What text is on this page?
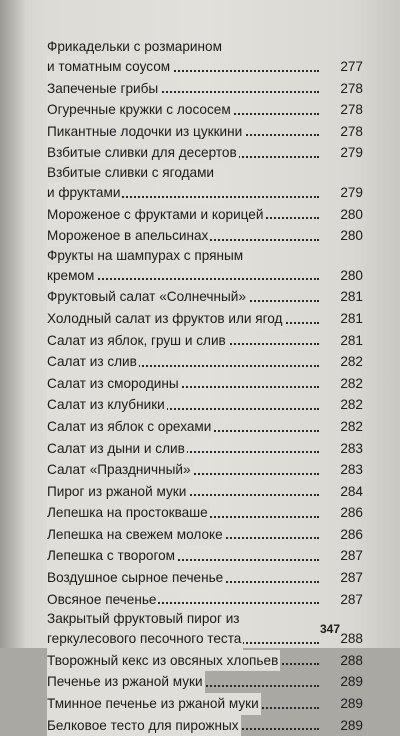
Фрикадельки с розмарином
и томатным соусом	277
Запеченые грибы	278
Огуречные кружки с лососем	278
Пикантные лодочки из цуккини	278
Взбитые сливки для десертов	279
Взбитые сливки с ягодами
и фруктами	279
Мороженое с фруктами и корицей	280
Мороженое в апельсинах	280
Фрукты на шампурах с пряным
кремом	280
Фруктовый салат «Солнечный»	281
Холодный салат из фруктов или ягод	281
Салат из яблок, груш и слив	281
Салат из слив	282
Салат из смородины	282
Салат из клубники	282
Салат из яблок с орехами	282
Салат из дыни и слив	283
Салат «Праздничный»	283
Пирог из ржаной муки	284
Лепешка на простокваше	286
Лепешка на свежем молоке	286
Лепешка с творогом	287
Воздушное сырное печенье	287
Овсяное печенье	287
Закрытый фруктовый пирог из
геркулесового песочного теста	288
Творожный кекс из овсяных хлопьев	288
Печенье из ржаной муки	289
Тминное печенье из ржаной муки	289
Белковое тесто для пирожных	289
347
